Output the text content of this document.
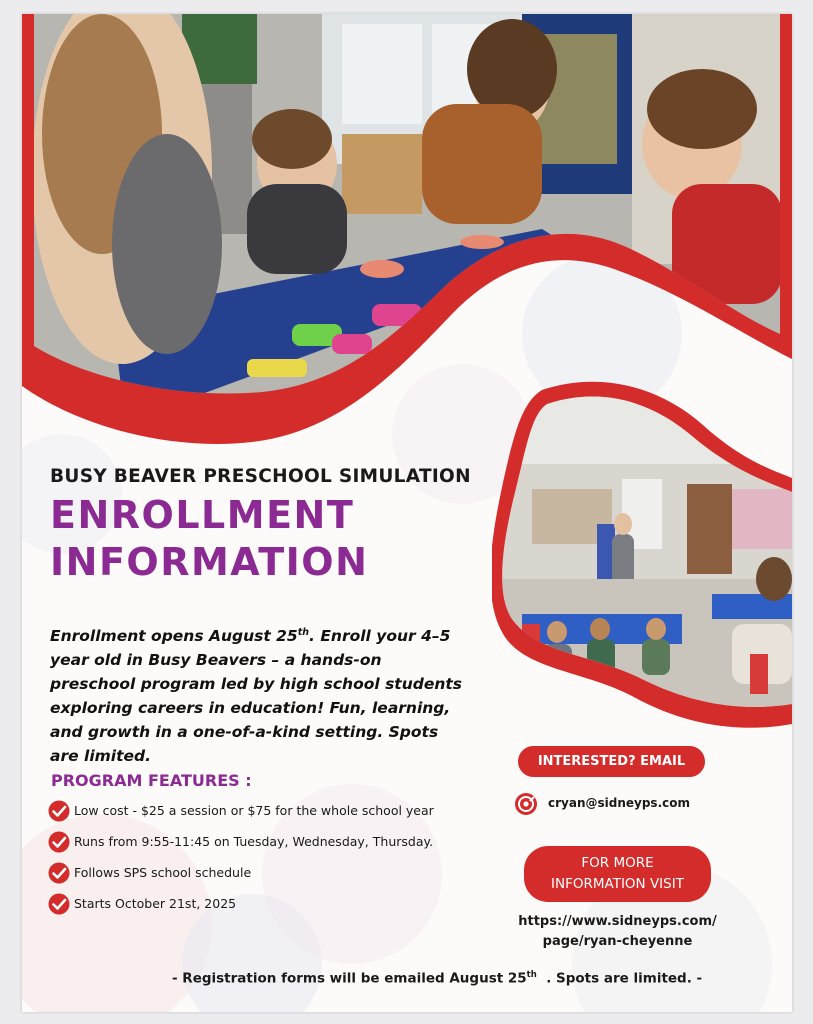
BUSY BEAVER PRESCHOOL SIMULATION
ENROLLMENT
INFORMATION
Enrollment opens August 25th. Enroll your 4–5 year old in Busy Beavers – a hands-on preschool program led by high school students exploring careers in education! Fun, learning, and growth in a one-of-a-kind setting. Spots are limited.
PROGRAM FEATURES :
Low cost - $25 a session or $75 for the whole school year
Runs from 9:55-11:45 on Tuesday, Wednesday, Thursday.
Follows SPS school schedule
Starts October 21st, 2025
INTERESTED? EMAIL
cryan@sidneyps.com
FOR MORE
INFORMATION VISIT
https://www.sidneyps.com/
page/ryan-cheyenne
- Registration forms will be emailed August 25th  . Spots are limited. -
